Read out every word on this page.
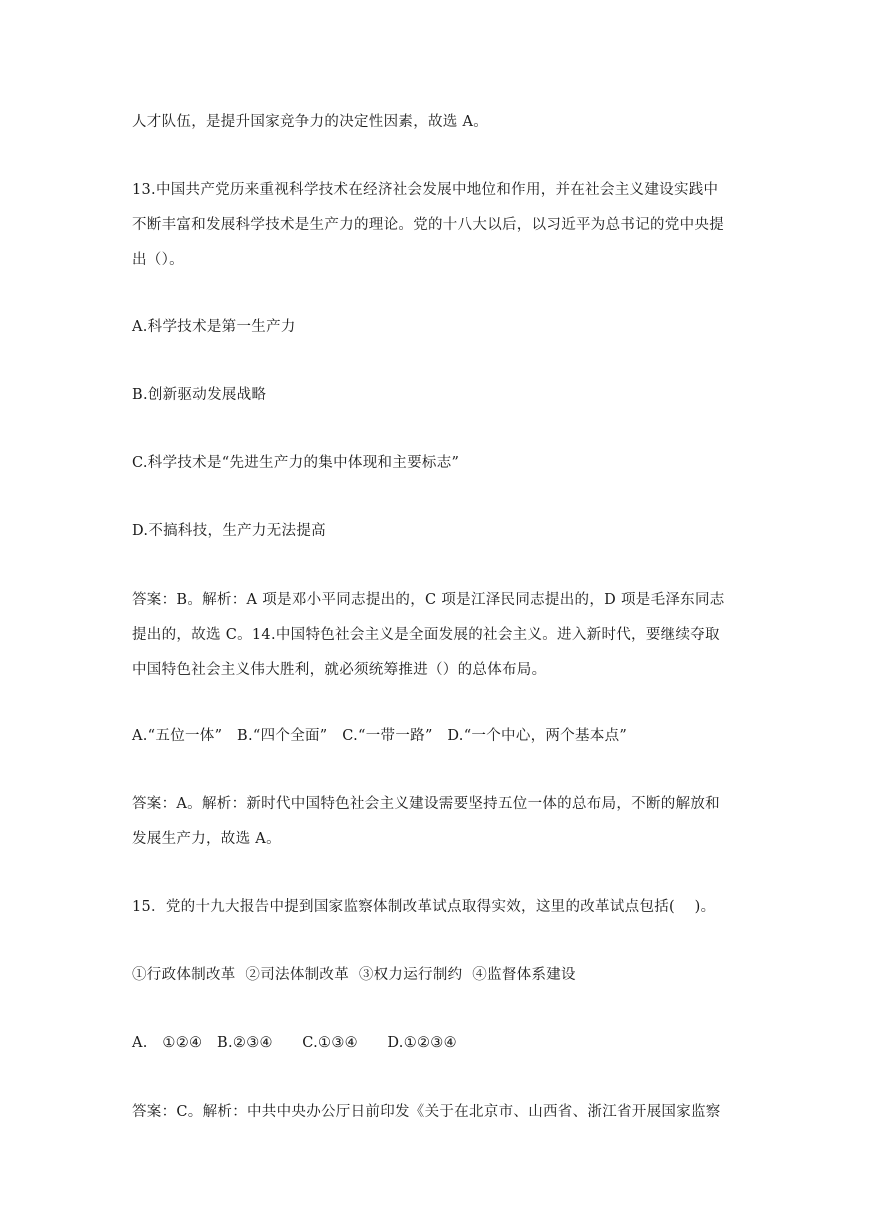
人才队伍，是提升国家竞争力的决定性因素，故选 A。
13.中国共产党历来重视科学技术在经济社会发展中地位和作用，并在社会主义建设实践中
不断丰富和发展科学技术是生产力的理论。党的十八大以后，以习近平为总书记的党中央提
出（）。
A.科学技术是第一生产力
B.创新驱动发展战略
C.科学技术是“先进生产力的集中体现和主要标志”
D.不搞科技，生产力无法提高
答案：B。解析：A 项是邓小平同志提出的，C 项是江泽民同志提出的，D 项是毛泽东同志
提出的，故选 C。14.中国特色社会主义是全面发展的社会主义。进入新时代，要继续夺取
中国特色社会主义伟大胜利，就必须统筹推进（）的总体布局。
A.“五位一体”   B.“四个全面”   C.“一带一路”   D.“一个中心，两个基本点”
答案：A。解析：新时代中国特色社会主义建设需要坚持五位一体的总布局，不断的解放和
发展生产力，故选 A。
15．党的十九大报告中提到国家监察体制改革试点取得实效，这里的改革试点包括(    )。
①行政体制改革  ②司法体制改革  ③权力运行制约  ④监督体系建设
A.   ①②④   B.②③④      C.①③④      D.①②③④
答案：C。解析：中共中央办公厅日前印发《关于在北京市、山西省、浙江省开展国家监察
